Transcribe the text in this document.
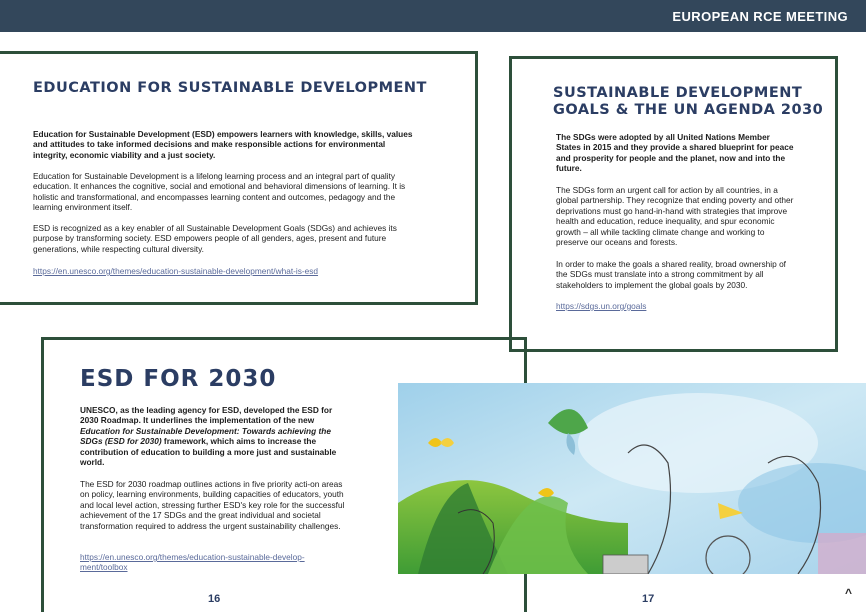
EUROPEAN RCE MEETING
EDUCATION FOR SUSTAINABLE DEVELOPMENT
Education for Sustainable Development (ESD) empowers learners with knowledge, skills, values and attitudes to take informed decisions and make responsible actions for environmental integrity, economic viability and a just society.
Education for Sustainable Development is a lifelong learning process and an integral part of quality education. It enhances the cognitive, social and emotional and behavioral dimensions of learning. It is holistic and transformational, and encompasses learning content and outcomes, pedagogy and the learning environment itself.
ESD is recognized as a key enabler of all Sustainable Development Goals (SDGs) and achieves its purpose by transforming society. ESD empowers people of all genders, ages, present and future generations, while respecting cultural diversity.
https://en.unesco.org/themes/education-sustainable-development/what-is-esd
SUSTAINABLE DEVELOPMENT GOALS & THE UN AGENDA 2030
The SDGs were adopted by all United Nations Member States in 2015 and they provide a shared blueprint for peace and prosperity for people and the planet, now and into the future.
The SDGs form an urgent call for action by all countries, in a global partnership. They recognize that ending poverty and other deprivations must go hand-in-hand with strategies that improve health and education, reduce inequality, and spur economic growth – all while tackling climate change and working to preserve our oceans and forests.
In order to make the goals a shared reality, broad ownership of the SDGs must translate into a strong commitment by all stakeholders to implement the global goals by 2030.
https://sdgs.un.org/goals
ESD FOR 2030
UNESCO, as the leading agency for ESD, developed the ESD for 2030 Roadmap. It underlines the implementation of the new Education for Sustainable Development: Towards achieving the SDGs (ESD for 2030) framework, which aims to increase the contribution of education to building a more just and sustainable world.
The ESD for 2030 roadmap outlines actions in five priority acti-on areas on policy, learning environments, building capacities of educators, youth and local level action, stressing further ESD's key role for the successful achievement of the 17 SDGs and the great individual and societal transformation required to address the urgent sustainability challenges.
https://en.unesco.org/themes/education-sustainable-develop-
ment/toolbox
16	17	^
